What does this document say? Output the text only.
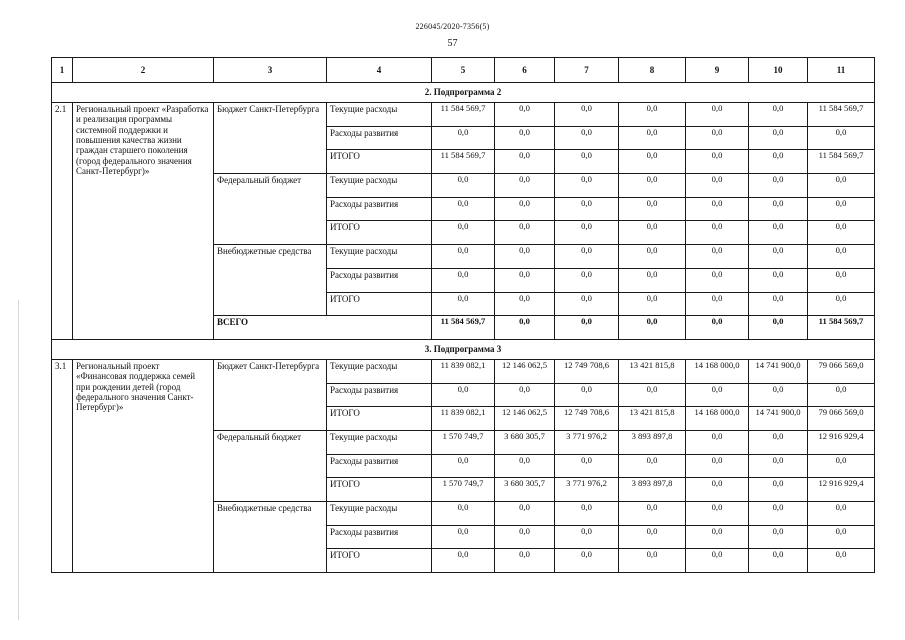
226045/2020-7356(5)
57
1	2	3	4	5	6	7	8	9	10	11
2. Подпрограмма 2										
2.1	Региональный проект «Разработка и реализация программы системной поддержки и повышения качества жизни граждан старшего поколения (город федерального значения Санкт-Петербург)»	Бюджет Санкт-Петербурга	Текущие расходы	11 584 569,7	0,0	0,0	0,0	0,0	0,0	11 584 569,7
			Расходы развития	0,0	0,0	0,0	0,0	0,0	0,0	0,0
			ИТОГО	11 584 569,7	0,0	0,0	0,0	0,0	0,0	11 584 569,7
		Федеральный бюджет	Текущие расходы	0,0	0,0	0,0	0,0	0,0	0,0	0,0
			Расходы развития	0,0	0,0	0,0	0,0	0,0	0,0	0,0
			ИТОГО	0,0	0,0	0,0	0,0	0,0	0,0	0,0
		Внебюджетные средства	Текущие расходы	0,0	0,0	0,0	0,0	0,0	0,0	0,0
			Расходы развития	0,0	0,0	0,0	0,0	0,0	0,0	0,0
			ИТОГО	0,0	0,0	0,0	0,0	0,0	0,0	0,0
		ВСЕГО		11 584 569,7	0,0	0,0	0,0	0,0	0,0	11 584 569,7
3. Подпрограмма 3										
3.1	Региональный проект «Финансовая поддержка семей при рождении детей (город федерального значения Санкт-Петербург)»	Бюджет Санкт-Петербурга	Текущие расходы	11 839 082,1	12 146 062,5	12 749 708,6	13 421 815,8	14 168 000,0	14 741 900,0	79 066 569,0
			Расходы развития	0,0	0,0	0,0	0,0	0,0	0,0	0,0
			ИТОГО	11 839 082,1	12 146 062,5	12 749 708,6	13 421 815,8	14 168 000,0	14 741 900,0	79 066 569,0
		Федеральный бюджет	Текущие расходы	1 570 749,7	3 680 305,7	3 771 976,2	3 893 897,8	0,0	0,0	12 916 929,4
			Расходы развития	0,0	0,0	0,0	0,0	0,0	0,0	0,0
			ИТОГО	1 570 749,7	3 680 305,7	3 771 976,2	3 893 897,8	0,0	0,0	12 916 929,4
		Внебюджетные средства	Текущие расходы	0,0	0,0	0,0	0,0	0,0	0,0	0,0
			Расходы развития	0,0	0,0	0,0	0,0	0,0	0,0	0,0
			ИТОГО	0,0	0,0	0,0	0,0	0,0	0,0	0,0
